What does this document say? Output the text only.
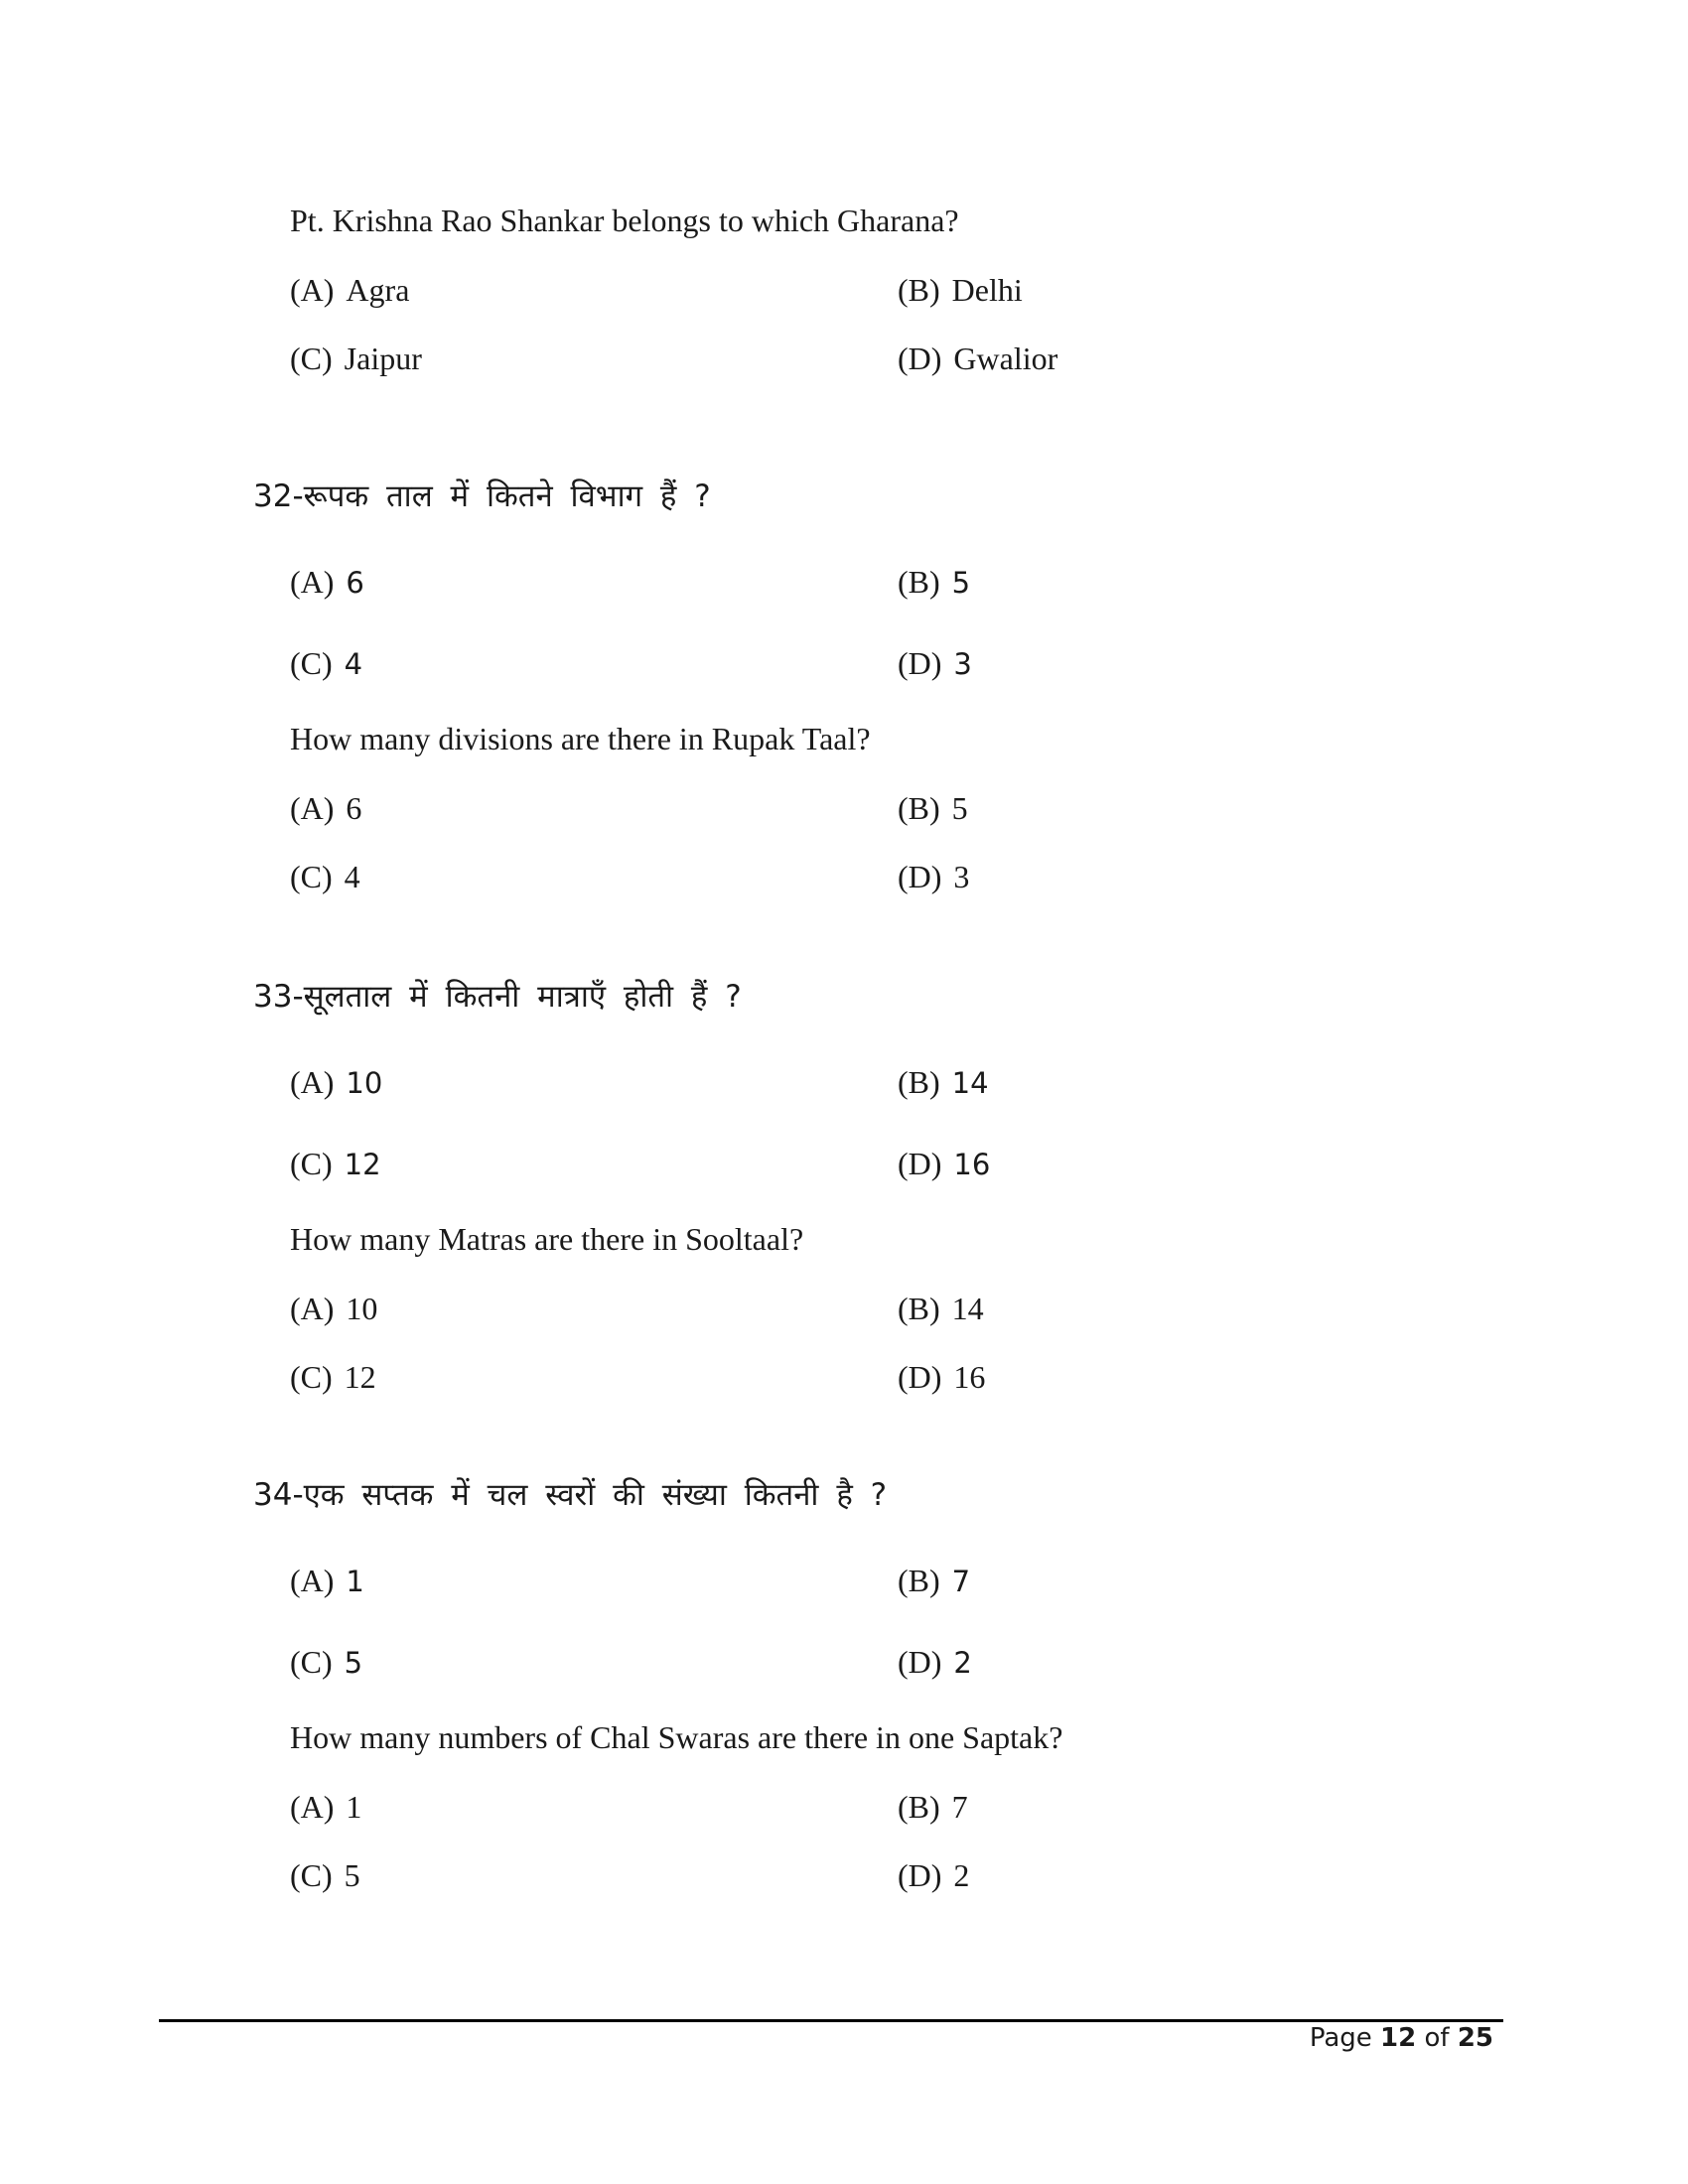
Pt. Krishna Rao Shankar belongs to which Gharana?
(A) Agra	(B) Delhi
(C) Jaipur	(D) Gwalior
32-रूपक ताल में कितने विभाग हैं ?
(A) 6	(B) 5
(C) 4	(D) 3
How many divisions are there in Rupak Taal?
(A) 6	(B) 5
(C) 4	(D) 3
33-सूलताल में कितनी मात्राएँ होती हैं ?
(A) 10	(B) 14
(C) 12	(D) 16
How many Matras are there in Sooltaal?
(A) 10	(B) 14
(C) 12	(D) 16
34-एक सप्तक में चल स्वरों की संख्या कितनी है ?
(A) 1	(B) 7
(C) 5	(D) 2
How many numbers of Chal Swaras are there in one Saptak?
(A) 1	(B) 7
(C) 5	(D) 2
Page 12 of 25
